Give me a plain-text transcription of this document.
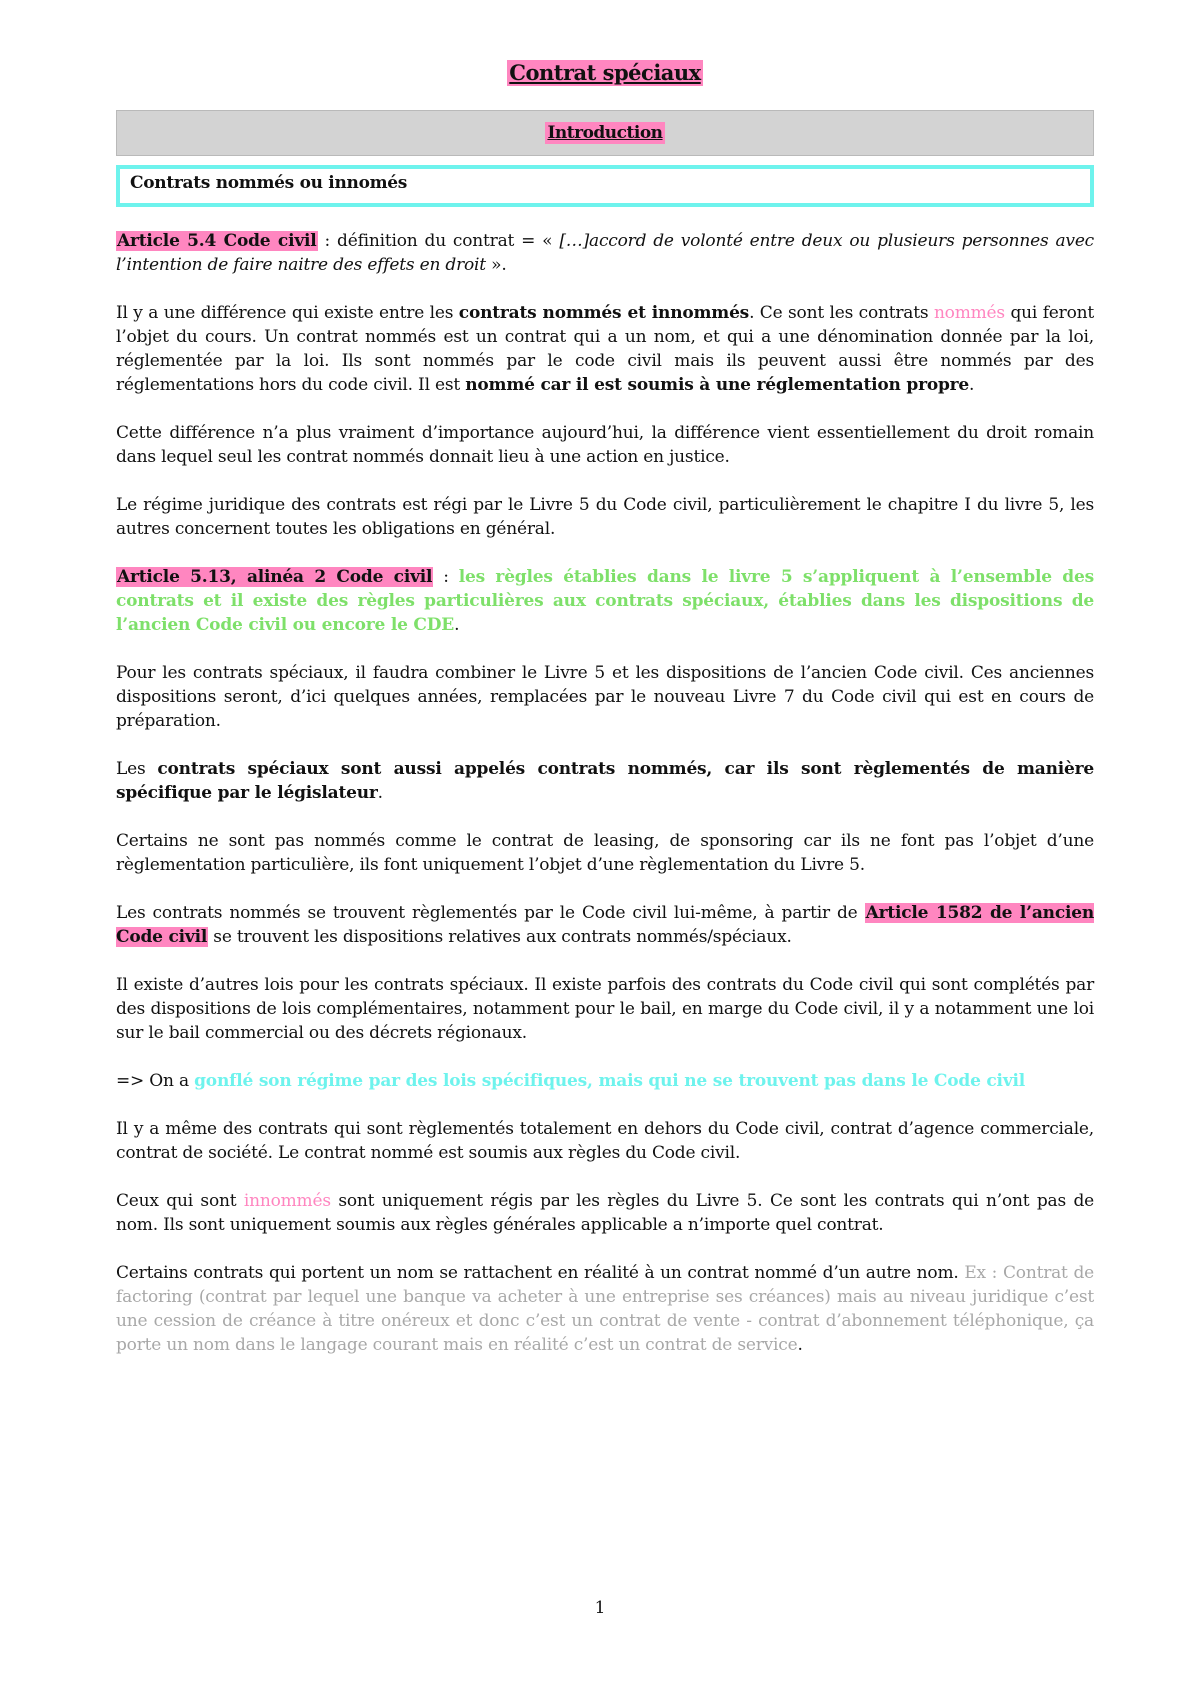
Contrat spéciaux
Introduction
Contrats nommés ou innomés

Article 5.4 Code civil : définition du contrat = « […]accord de volonté entre deux ou plusieurs personnes avec l’intention de faire naitre des effets en droit ».

Il y a une différence qui existe entre les contrats nommés et innommés. Ce sont les contrats nommés qui feront l’objet du cours. Un contrat nommés est un contrat qui a un nom, et qui a une dénomination donnée par la loi, réglementée par la loi. Ils sont nommés par le code civil mais ils peuvent aussi être nommés par des réglementations hors du code civil. Il est nommé car il est soumis à une réglementation propre.

Cette différence n’a plus vraiment d’importance aujourd’hui, la différence vient essentiellement du droit romain dans lequel seul les contrat nommés donnait lieu à une action en justice.

Le régime juridique des contrats est régi par le Livre 5 du Code civil, particulièrement le chapitre I du livre 5, les autres concernent toutes les obligations en général.

Article 5.13, alinéa 2 Code civil : les règles établies dans le livre 5 s’appliquent à l’ensemble des contrats et il existe des règles particulières aux contrats spéciaux, établies dans les dispositions de l’ancien Code civil ou encore le CDE.

Pour les contrats spéciaux, il faudra combiner le Livre 5 et les dispositions de l’ancien Code civil. Ces anciennes dispositions seront, d’ici quelques années, remplacées par le nouveau Livre 7 du Code civil qui est en cours de préparation.

Les contrats spéciaux sont aussi appelés contrats nommés, car ils sont règlementés de manière spécifique par le législateur.

Certains ne sont pas nommés comme le contrat de leasing, de sponsoring car ils ne font pas l’objet d’une règlementation particulière, ils font uniquement l’objet d’une règlementation du Livre 5.

Les contrats nommés se trouvent règlementés par le Code civil lui-même, à partir de Article 1582 de l’ancien Code civil se trouvent les dispositions relatives aux contrats nommés/spéciaux.

Il existe d’autres lois pour les contrats spéciaux. Il existe parfois des contrats du Code civil qui sont complétés par des dispositions de lois complémentaires, notamment pour le bail, en marge du Code civil, il y a notamment une loi sur le bail commercial ou des décrets régionaux.

=> On a gonflé son régime par des lois spécifiques, mais qui ne se trouvent pas dans le Code civil

Il y a même des contrats qui sont règlementés totalement en dehors du Code civil, contrat d’agence commerciale, contrat de société. Le contrat nommé est soumis aux règles du Code civil.

Ceux qui sont innommés sont uniquement régis par les règles du Livre 5. Ce sont les contrats qui n’ont pas de nom. Ils sont uniquement soumis aux règles générales applicable a n’importe quel contrat.

Certains contrats qui portent un nom se rattachent en réalité à un contrat nommé d’un autre nom. Ex : Contrat de factoring (contrat par lequel une banque va acheter à une entreprise ses créances) mais au niveau juridique c’est une cession de créance à titre onéreux et donc c’est un contrat de vente - contrat d’abonnement téléphonique, ça porte un nom dans le langage courant mais en réalité c’est un contrat de service.

1
